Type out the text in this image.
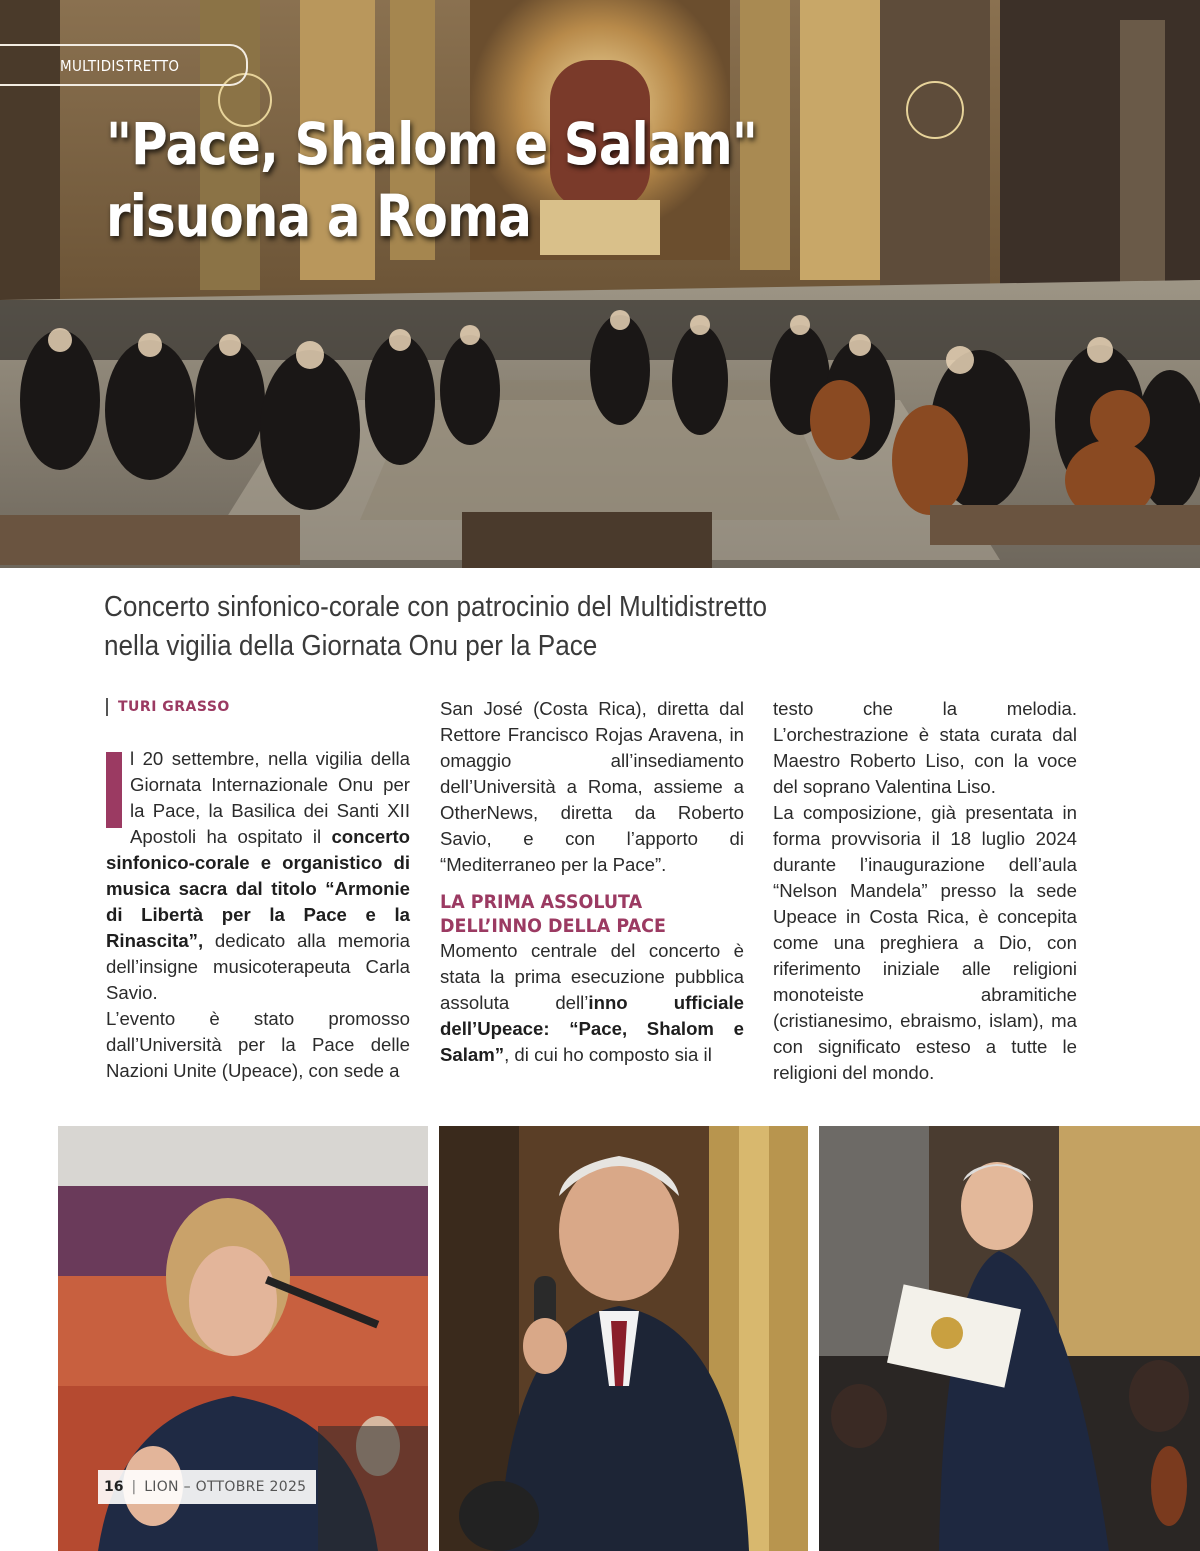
MULTIDISTRETTO
"Pace, Shalom e Salam"
risuona a Roma
Concerto sinfonico-corale con patrocinio del Multidistretto
nella vigilia della Giornata Onu per la Pace
TURI GRASSO

l 20 settembre, nella vigilia della Giornata Internazionale Onu per la Pace, la Basilica dei Santi XII Apostoli ha ospitato il concerto sinfonico-corale e organistico di musica sacra dal titolo “Armonie di Libertà per la Pace e la Rinascita”, dedicato alla memoria dell’insigne musicoterapeuta Carla Savio.

L’evento è stato promosso dall’Università per la Pace delle Nazioni Unite (Upeace), con sede a

San José (Costa Rica), diretta dal Rettore Francisco Rojas Aravena, in omaggio all’insediamento dell’Università a Roma, assieme a OtherNews, diretta da Roberto Savio, e con l’apporto di “Mediterraneo per la Pace”.

LA PRIMA ASSOLUTA DELL’INNO DELLA PACE

Momento centrale del concerto è stata la prima esecuzione pubblica assoluta dell’inno ufficiale dell’Upeace: “Pace, Shalom e Salam”, di cui ho composto sia il

testo che la melodia. L’orchestrazione è stata curata dal Maestro Roberto Liso, con la voce del soprano Valentina Liso.

La composizione, già presentata in forma provvisoria il 18 luglio 2024 durante l’inaugurazione dell’aula “Nelson Mandela” presso la sede Upeace in Costa Rica, è concepita come una preghiera a Dio, con riferimento iniziale alle religioni monoteiste abramitiche (cristianesimo, ebraismo, islam), ma con significato esteso a tutte le religioni del mondo.

16 | LION – OTTOBRE 2025
